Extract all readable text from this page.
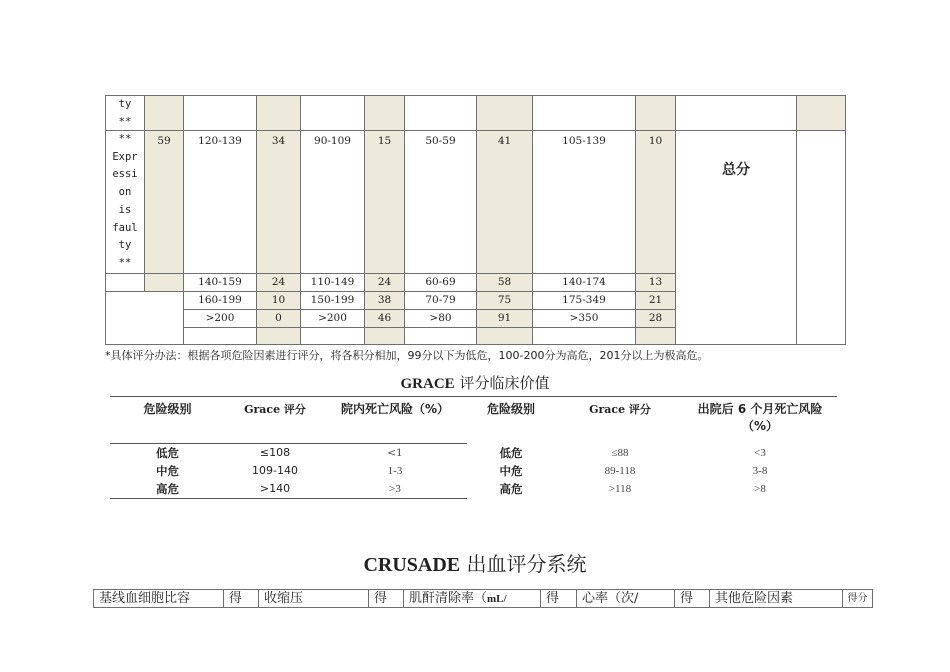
ty
**
**
Expr
essi
on
is
faul
ty
**
59	120-139	34	90-109	15	50-59	41	105-139	10
总分
140-159	24	110-149	24	60-69	58	140-174	13
160-199	10	150-199	38	70-79	75	175-349	21
>200	0	>200	46	>80	91	>350	28
*具体评分办法：根据各项危险因素进行评分，将各积分相加，99分以下为低危，100-200分为高危，201分以上为极高危。
GRACE 评分临床价值
危险级别	Grace 评分	院内死亡风险（%）	危险级别	Grace 评分	出院后 6 个月死亡风险
（%）
低危	≤108	<1	低危	≤88	<3
中危	109-140	1-3	中危	89-118	3-8
高危	>140	>3	高危	>118	>8
CRUSADE 出血评分系统
基线血细胞比容	得	收缩压	得	肌酐清除率（mL/	得	心率（次/	得	其他危险因素	得分
